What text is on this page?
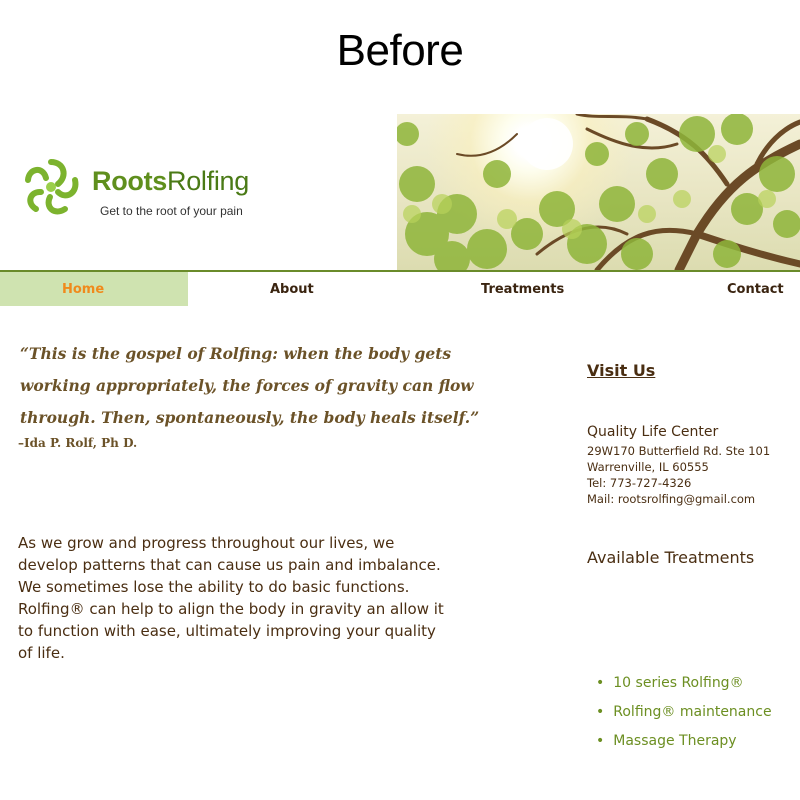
Before
RootsRolfing
Get to the root of your pain
Home	About	Treatments	Contact
“This is the gospel of Rolfing: when the body gets
working appropriately, the forces of gravity can flow
through. Then, spontaneously, the body heals itself.”
–Ida P. Rolf, Ph D.
As we grow and progress throughout our lives, we
develop patterns that can cause us pain and imbalance.
We sometimes lose the ability to do basic functions.
Rolfing® can help to align the body in gravity an allow it
to function with ease, ultimately improving your quality
of life.
Visit Us
Quality Life Center
29W170 Butterfield Rd. Ste 101
Warrenville, IL 60555
Tel: 773-727-4326
Mail: rootsrolfing@gmail.com
Available Treatments
• 10 series Rolfing®
• Rolfing® maintenance
• Massage Therapy
